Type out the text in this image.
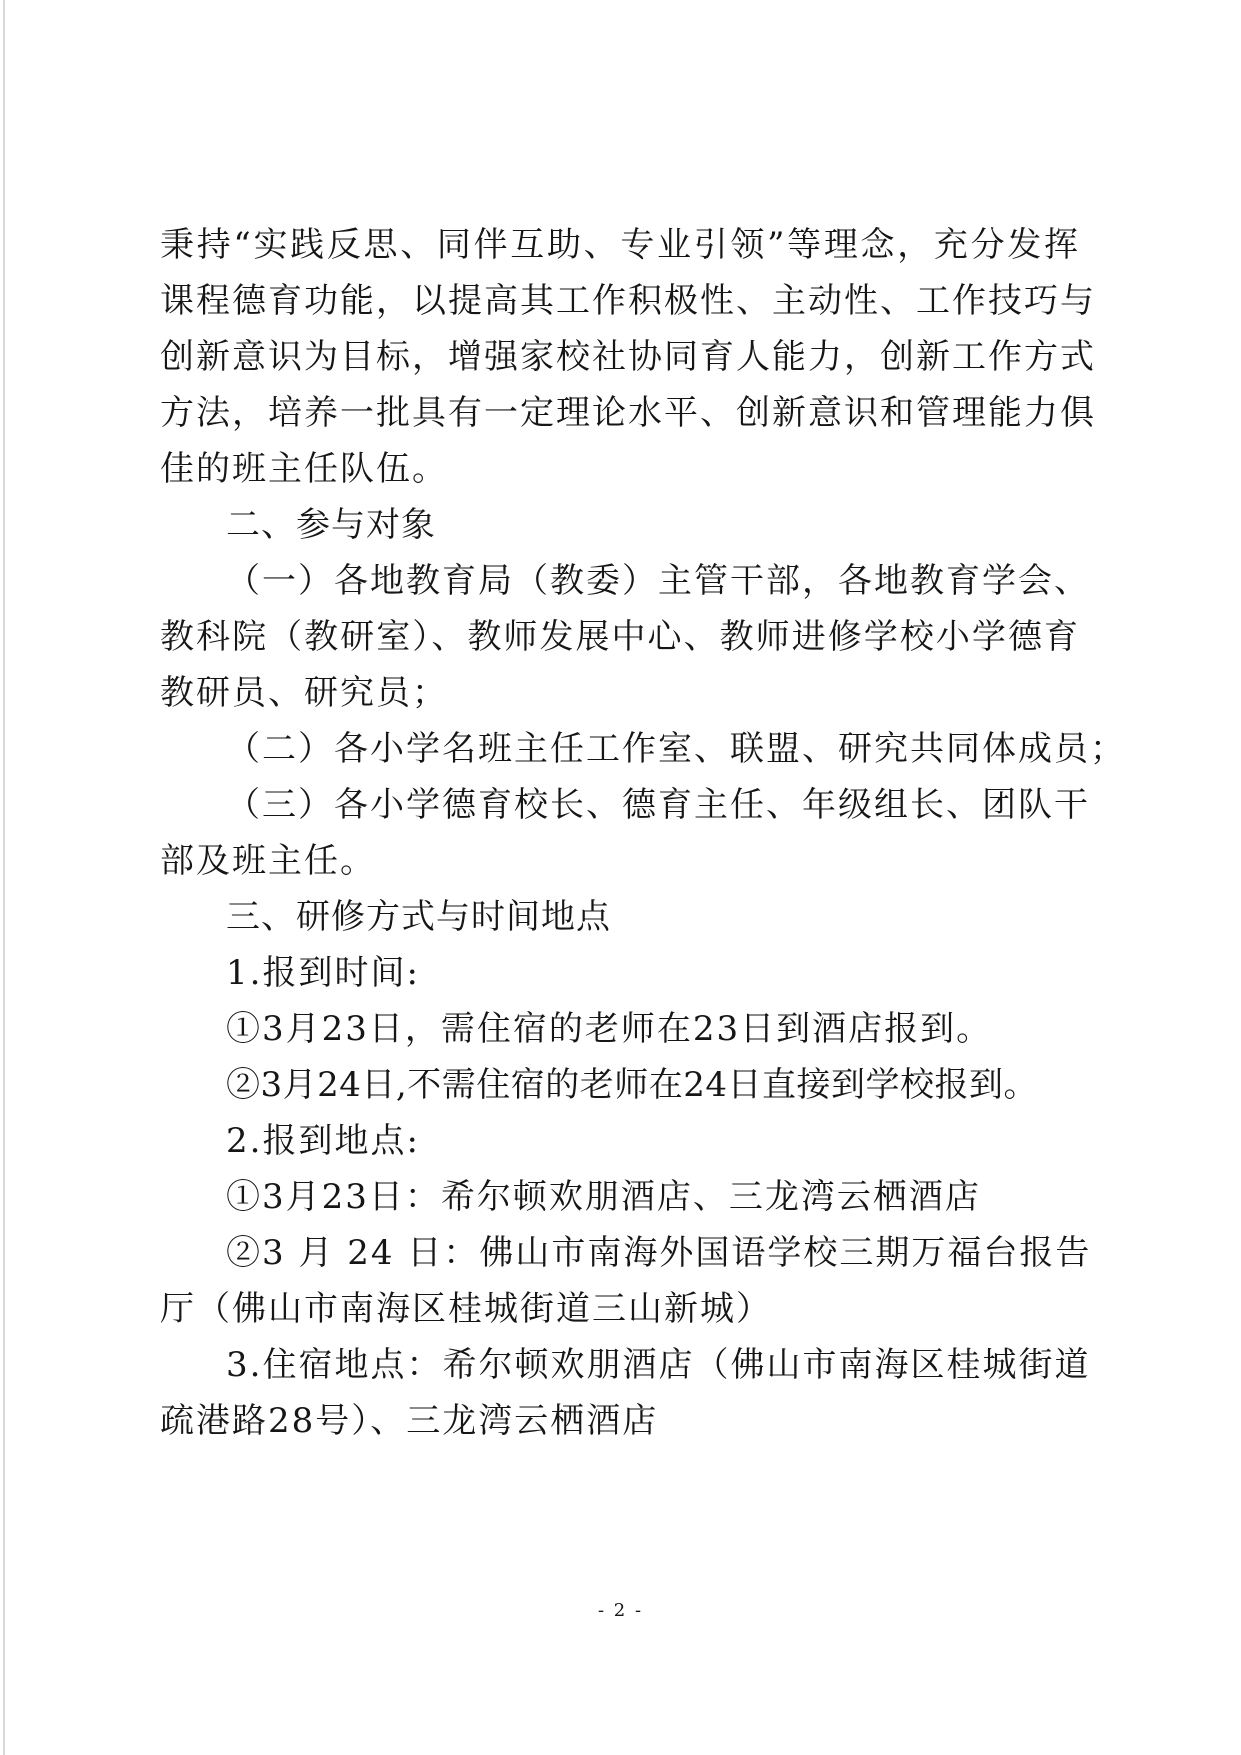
秉持“实践反思、同伴互助、专业引领”等理念，充分发挥
课程德育功能，以提高其工作积极性、主动性、工作技巧与
创新意识为目标，增强家校社协同育人能力，创新工作方式
方法，培养一批具有一定理论水平、创新意识和管理能力俱
佳的班主任队伍。
二、参与对象
（一）各地教育局（教委）主管干部，各地教育学会、
教科院（教研室）、教师发展中心、教师进修学校小学德育
教研员、研究员；
（二）各小学名班主任工作室、联盟、研究共同体成员；
（三）各小学德育校长、德育主任、年级组长、团队干
部及班主任。
三、研修方式与时间地点
1.报到时间:
①3月23日，需住宿的老师在23日到酒店报到。
②3月24日,不需住宿的老师在24日直接到学校报到。
2.报到地点:
①3月23日：希尔顿欢朋酒店、三龙湾云栖酒店
②3 月 24 日：佛山市南海外国语学校三期万福台报告
厅（佛山市南海区桂城街道三山新城）
3.住宿地点：希尔顿欢朋酒店（佛山市南海区桂城街道
疏港路28号）、三龙湾云栖酒店
- 2 -
